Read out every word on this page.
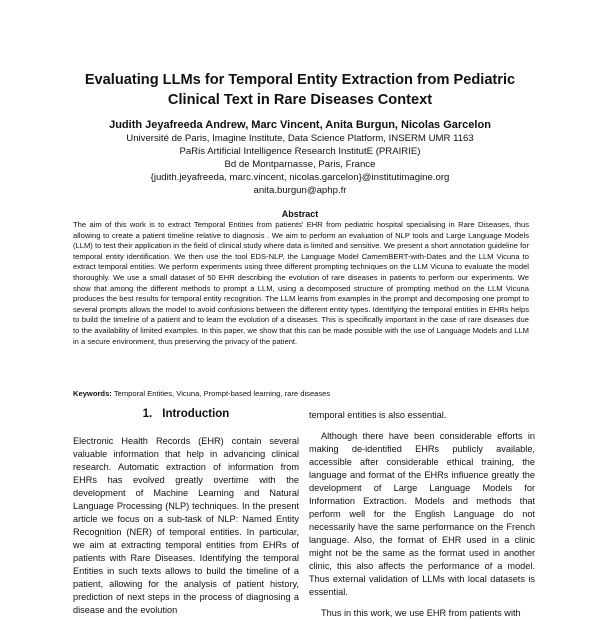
Evaluating LLMs for Temporal Entity Extraction from Pediatric
Clinical Text in Rare Diseases Context
Judith Jeyafreeda Andrew, Marc Vincent, Anita Burgun, Nicolas Garcelon
Université de Paris, Imagine Institute, Data Science Platform, INSERM UMR 1163
PaRis Artificial Intelligence Research InstitutE (PRAIRIE)
Bd de Montparnasse, Paris, France
{judith.jeyafreeda, marc.vincent, nicolas.garcelon}@institutimagine.org
anita.burgun@aphp.fr
Abstract
The aim of this work is to extract Temporal Entities from patients' EHR from pediatric hospital specialising in Rare Diseases, thus allowing to create a patient timeline relative to diagnosis . We aim to perform an evaluation of NLP tools and Large Language Models (LLM) to test their application in the field of clinical study where data is limited and sensitive. We present a short annotation guideline for temporal entity identification. We then use the tool EDS-NLP, the Language Model CamemBERT-with-Dates and the LLM Vicuna to extract temporal entities. We perform experiments using three different prompting techniques on the LLM Vicuna to evaluate the model thoroughly. We use a small dataset of 50 EHR describing the evolution of rare diseases in patients to perform our experiments. We show that among the different methods to prompt a LLM, using a decomposed structure of prompting method on the LLM Vicuna produces the best results for temporal entity recognition. The LLM learns from examples in the prompt and decomposing one prompt to several prompts allows the model to avoid confusions between the different entity types. Identifying the temporal entities in EHRs helps to build the timeline of a patient and to learn the evolution of a diseases. This is specifically important in the case of rare diseases due to the availability of limited examples. In this paper, we show that this can be made possible with the use of Language Models and LLM in a secure environment, thus preserving the privacy of the patient.
Keywords: Temporal Entities, Vicuna, Prompt-based learning, rare diseases
1. Introduction

Electronic Health Records (EHR) contain several valuable information that help in advancing clinical research. Automatic extraction of information from EHRs has evolved greatly overtime with the development of Machine Learning and Natural Language Processing (NLP) techniques. In the present article we focus on a sub-task of NLP: Named Entity Recognition (NER) of temporal entities. In particular, we aim at extracting temporal entities from EHRs of patients with Rare Diseases. Identifying the temporal Entities in such texts allows to build the timeline of a patient, allowing for the analysis of patient history, prediction of next steps in the process of diagnosing a disease and the evolution

temporal entities is also essential.

Although there have been considerable efforts in making de-identified EHRs publicly available, accessible after considerable ethical training, the language and format of the EHRs influence greatly the development of Large Language Models for Information Extraction. Models and methods that perform well for the English Language do not necessarily have the same performance on the French language. Also, the format of EHR used in a clinic might not be the same as the format used in another clinic, this also affects the performance of a model. Thus external validation of LLMs with local datasets is essential.

Thus in this work, we use EHR from patients with
